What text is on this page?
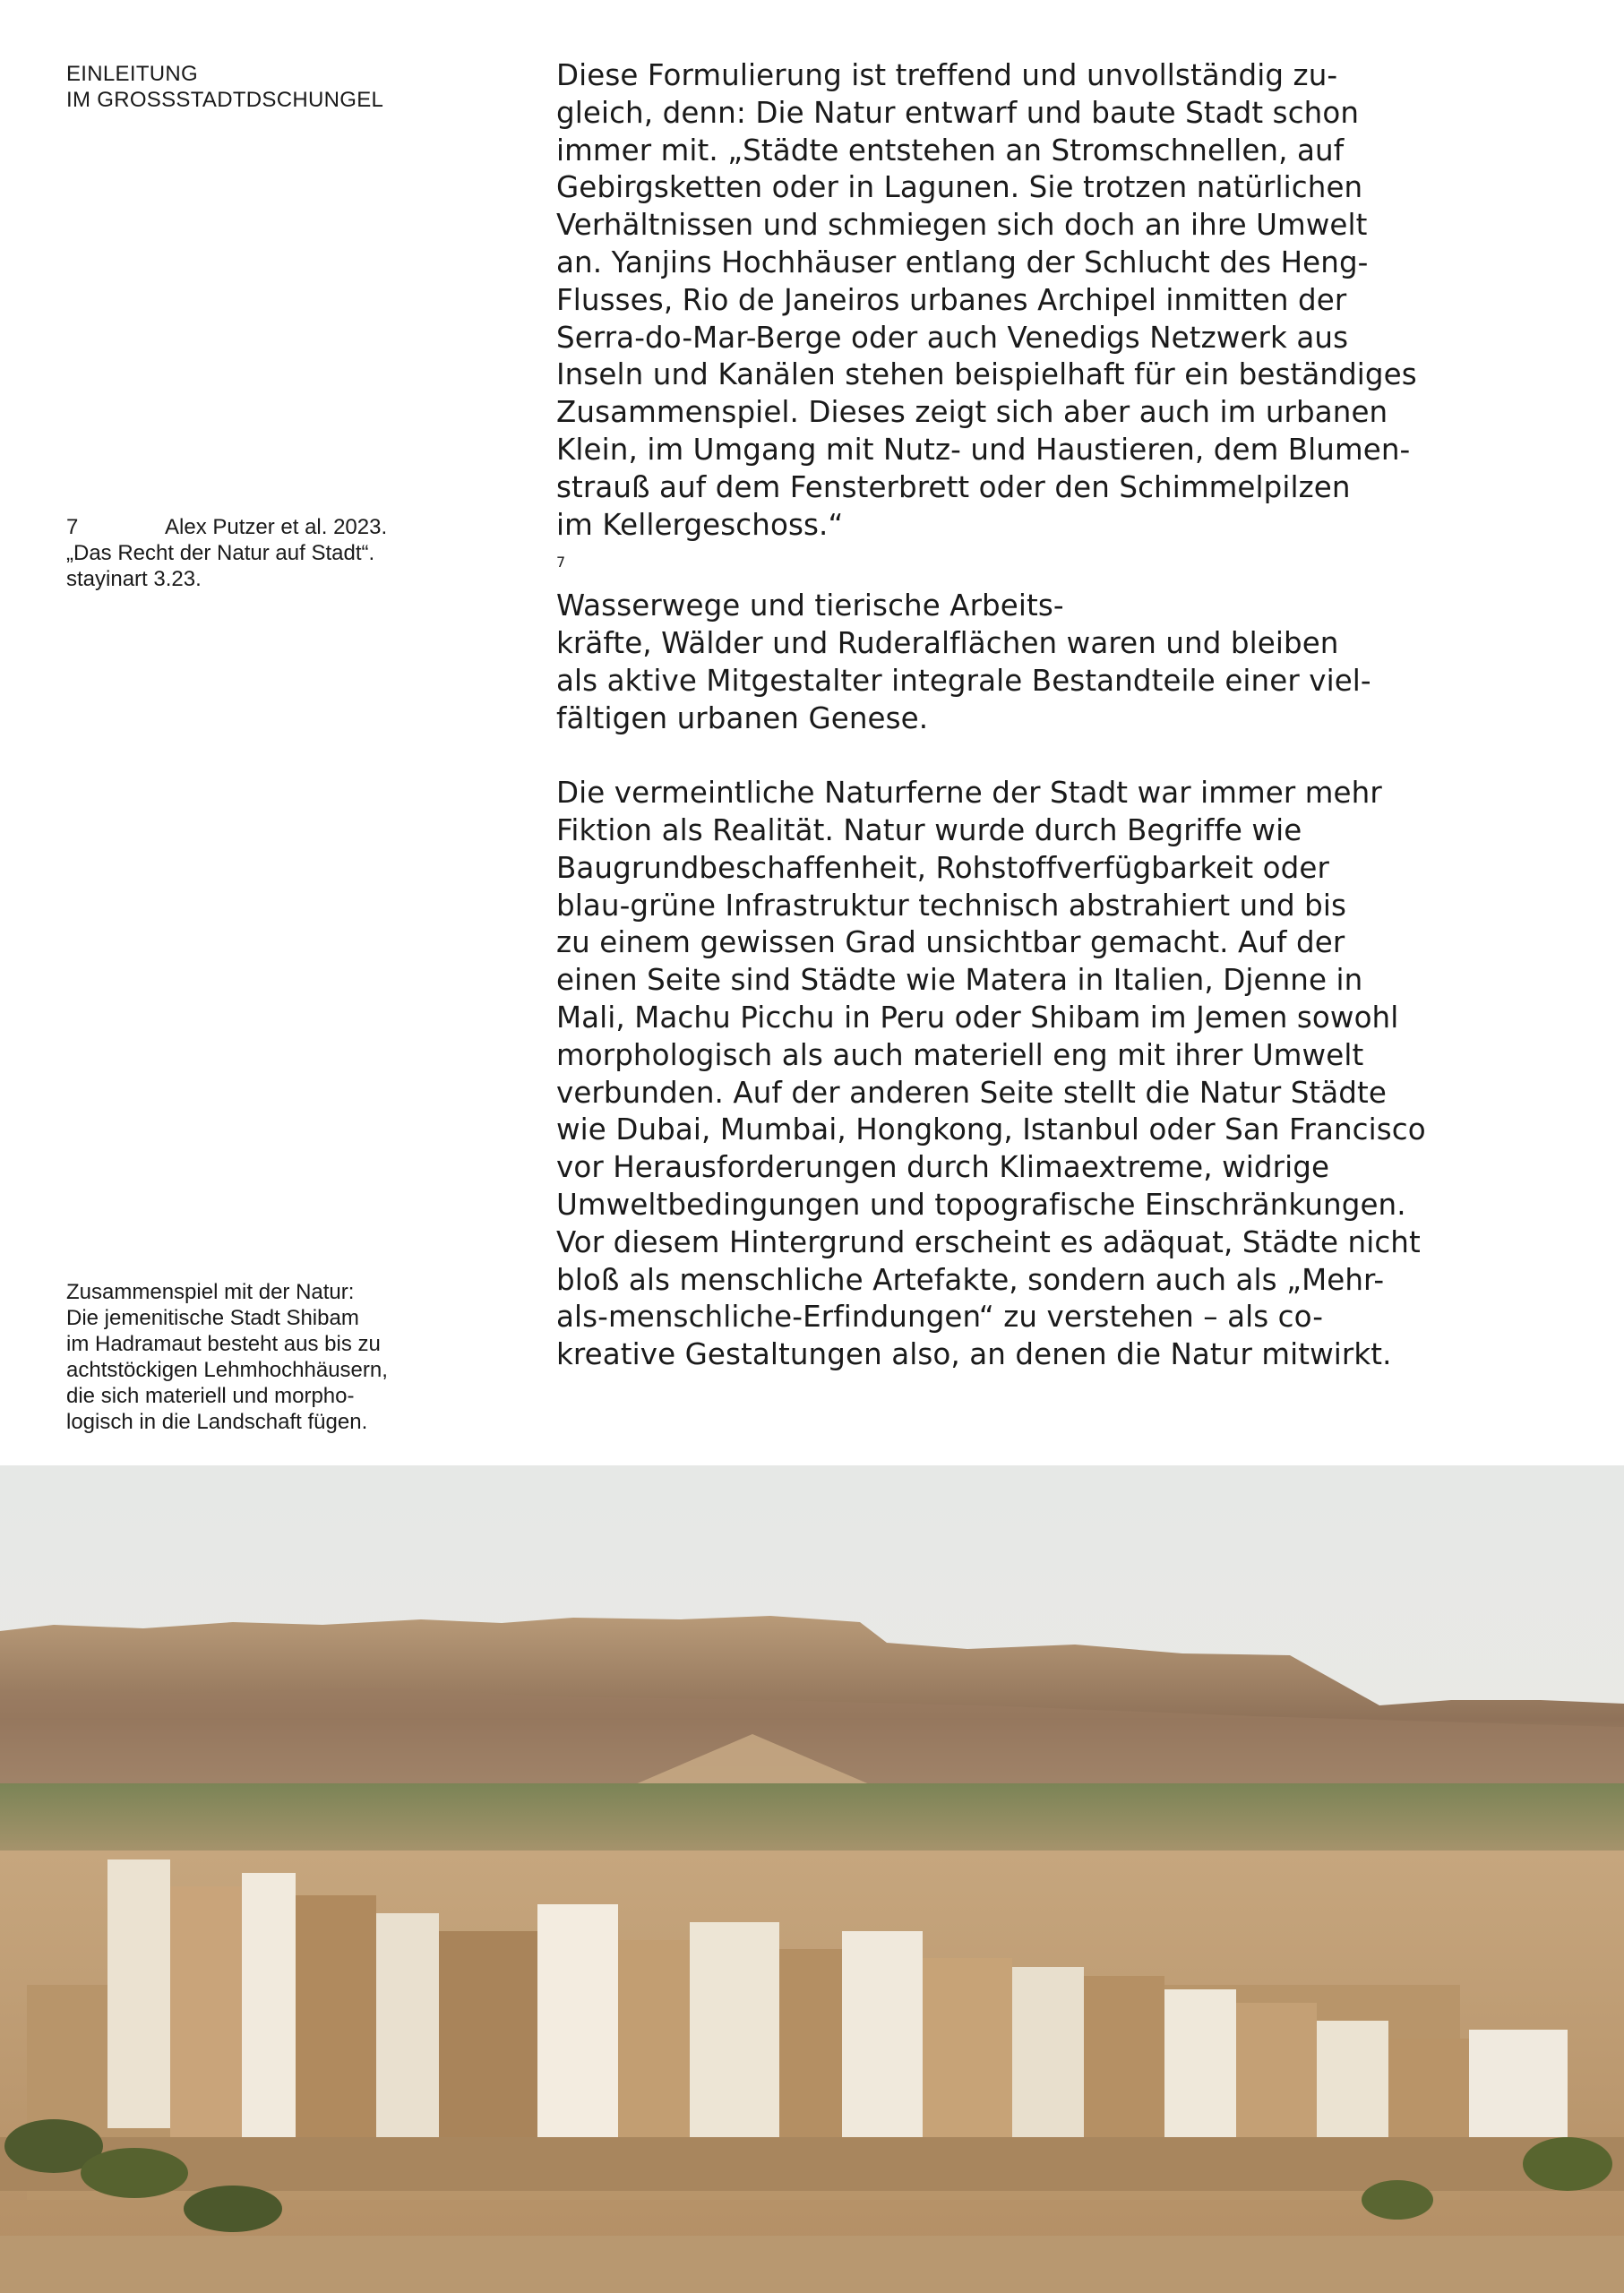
EINLEITUNG
IM GROSSSTADTDSCHUNGEL
7	Alex Putzer et al. 2023.
„Das Recht der Natur auf Stadt“.
stayinart 3.23.
Zusammenspiel mit der Natur:
Die jemenitische Stadt Shibam
im Hadramaut besteht aus bis zu
achtstöckigen Lehmhochhäusern,
die sich materiell und morpho-
logisch in die Landschaft fügen.
Diese Formulierung ist treffend und unvollständig zu-
gleich, denn: Die Natur entwarf und baute Stadt schon
immer mit. „Städte entstehen an Stromschnellen, auf
Gebirgsketten oder in Lagunen. Sie trotzen natürlichen
Verhältnissen und schmiegen sich doch an ihre Umwelt
an. Yanjins Hochhäuser entlang der Schlucht des Heng-
Flusses, Rio de Janeiros urbanes Archipel inmitten der
Serra-do-Mar-Berge oder auch Venedigs Netzwerk aus
Inseln und Kanälen stehen beispielhaft für ein beständiges
Zusammenspiel. Dieses zeigt sich aber auch im urbanen
Klein, im Umgang mit Nutz- und Haustieren, dem Blumen-
strauß auf dem Fensterbrett oder den Schimmelpilzen
im Kellergeschoss.“
$^7$
Wasserwege und tierische Arbeits-
kräfte, Wälder und Ruderalflächen waren und bleiben
als aktive Mitgestalter integrale Bestandteile einer viel-
fältigen urbanen Genese.
Die vermeintliche Naturferne der Stadt war immer mehr
Fiktion als Realität. Natur wurde durch Begriffe wie
Baugrundbeschaffenheit, Rohstoffverfügbarkeit oder
blau-grüne Infrastruktur technisch abstrahiert und bis
zu einem gewissen Grad unsichtbar gemacht. Auf der
einen Seite sind Städte wie Matera in Italien, Djenne in
Mali, Machu Picchu in Peru oder Shibam im Jemen sowohl
morphologisch als auch materiell eng mit ihrer Umwelt
verbunden. Auf der anderen Seite stellt die Natur Städte
wie Dubai, Mumbai, Hongkong, Istanbul oder San Francisco
vor Herausforderungen durch Klimaextreme, widrige
Umweltbedingungen und topografische Einschränkungen.
Vor diesem Hintergrund erscheint es adäquat, Städte nicht
bloß als menschliche Artefakte, sondern auch als „Mehr-
als-menschliche-Erfindungen“ zu verstehen – als co-
kreative Gestaltungen also, an denen die Natur mitwirkt.
